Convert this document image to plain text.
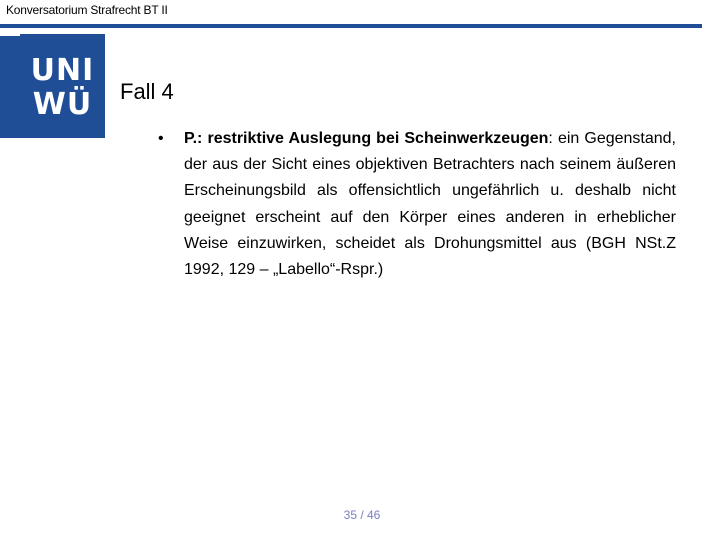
Konversatorium Strafrecht BT II
UNI
WÜ	Fall 4
• P.: restriktive Auslegung bei Scheinwerkzeugen: ein Gegenstand, der aus der Sicht eines objektiven Betrachters nach seinem äußeren Erscheinungsbild als offensichtlich ungefährlich u. deshalb nicht geeignet erscheint auf den Körper eines anderen in erheblicher Weise einzuwirken, scheidet als Drohungsmittel aus (BGH NSt.Z 1992, 129 – „Labello“-Rspr.)
35 / 46
